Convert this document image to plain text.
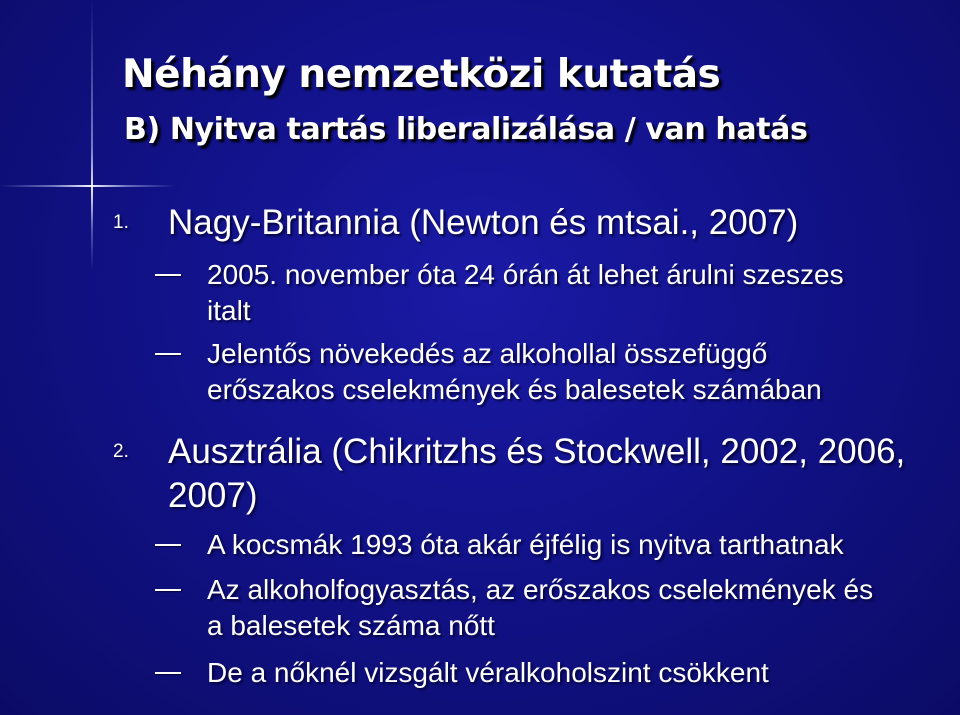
Néhány nemzetközi kutatás
B) Nyitva tartás liberalizálása / van hatás
1. Nagy-Britannia (Newton és mtsai., 2007)
2005. november óta 24 órán át lehet árulni szeszes
italt
Jelentős növekedés az alkohollal összefüggő
erőszakos cselekmények és balesetek számában
2. Ausztrália (Chikritzhs és Stockwell, 2002, 2006,
2007)
A kocsmák 1993 óta akár éjfélig is nyitva tarthatnak
Az alkoholfogyasztás, az erőszakos cselekmények és
a balesetek száma nőtt
De a nőknél vizsgált véralkoholszint csökkent
